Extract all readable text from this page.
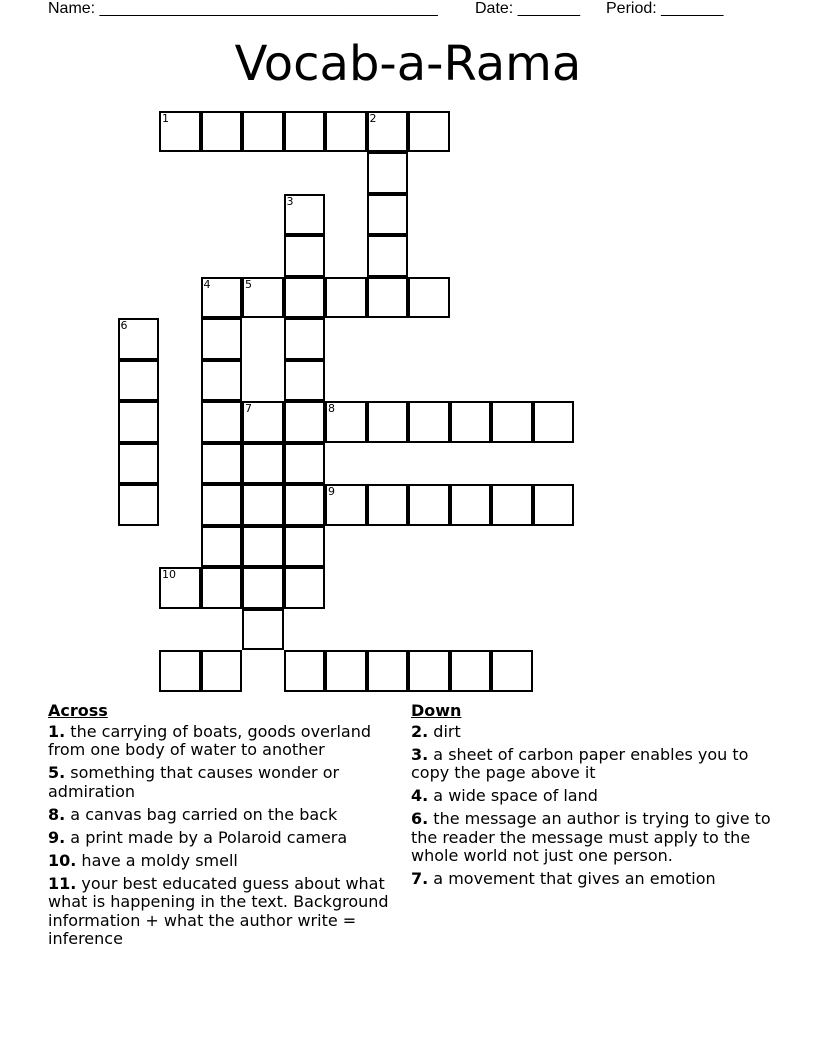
Name: ______________________________________ Date: _______ Period: _______
Vocab-a-Rama
1	2
3
4	5
6
7	8
9
10
Across
1. the carrying of boats, goods overland from one body of water to another
5. something that causes wonder or admiration
8. a canvas bag carried on the back
9. a print made by a Polaroid camera
10. have a moldy smell
11. your best educated guess about what what is happening in the text. Background information + what the author write = inference
Down
2. dirt
3. a sheet of carbon paper enables you to copy the page above it
4. a wide space of land
6. the message an author is trying to give to the reader the message must apply to the whole world not just one person.
7. a movement that gives an emotion
